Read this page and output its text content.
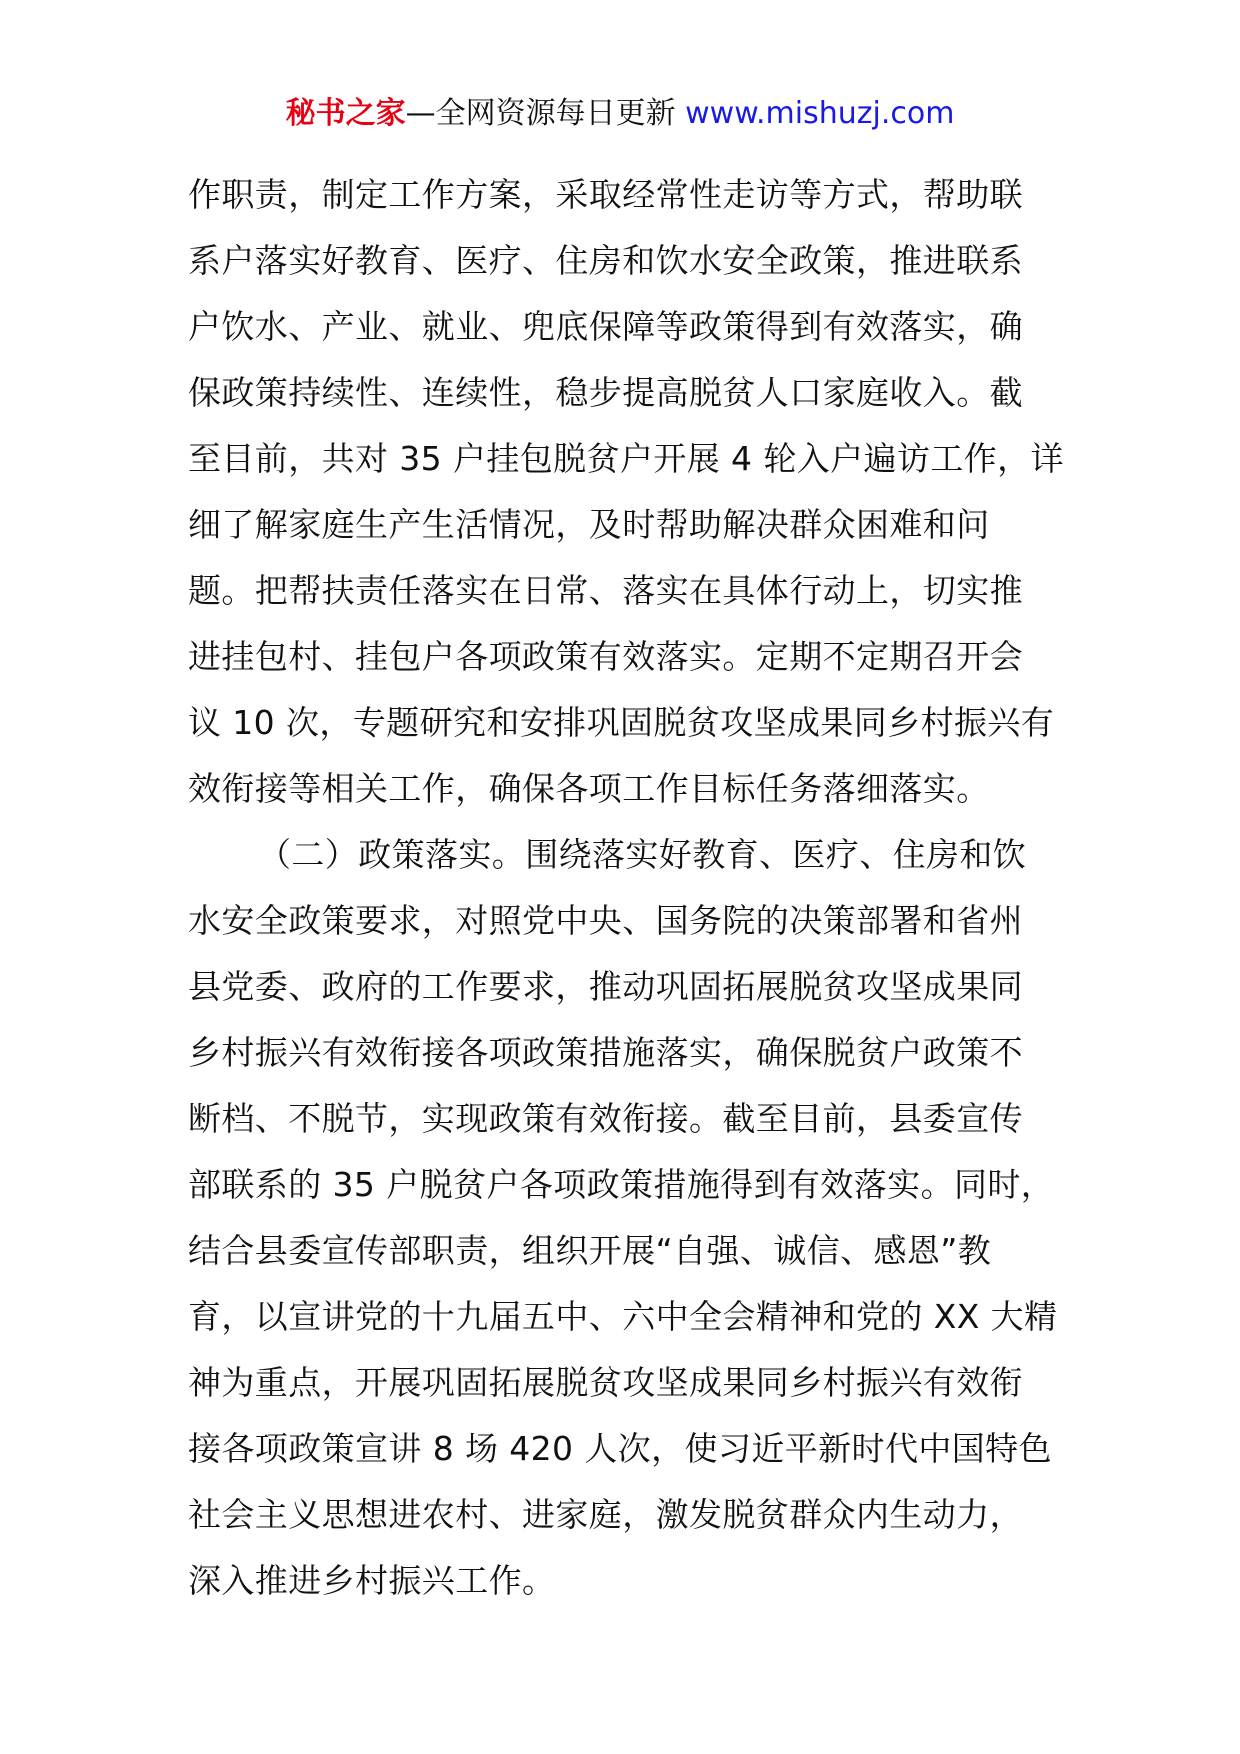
秘书之家—全网资源每日更新 www.mishuzj.com
作职责，制定工作方案，采取经常性走访等方式，帮助联
系户落实好教育、医疗、住房和饮水安全政策，推进联系
户饮水、产业、就业、兜底保障等政策得到有效落实，确
保政策持续性、连续性，稳步提高脱贫人口家庭收入。截
至目前，共对 35 户挂包脱贫户开展 4 轮入户遍访工作，详
细了解家庭生产生活情况，及时帮助解决群众困难和问
题。把帮扶责任落实在日常、落实在具体行动上，切实推
进挂包村、挂包户各项政策有效落实。定期不定期召开会
议 10 次，专题研究和安排巩固脱贫攻坚成果同乡村振兴有
效衔接等相关工作，确保各项工作目标任务落细落实。
（二）政策落实。围绕落实好教育、医疗、住房和饮
水安全政策要求，对照党中央、国务院的决策部署和省州
县党委、政府的工作要求，推动巩固拓展脱贫攻坚成果同
乡村振兴有效衔接各项政策措施落实，确保脱贫户政策不
断档、不脱节，实现政策有效衔接。截至目前，县委宣传
部联系的 35 户脱贫户各项政策措施得到有效落实。同时，
结合县委宣传部职责，组织开展“自强、诚信、感恩”教
育，以宣讲党的十九届五中、六中全会精神和党的 XX 大精
神为重点，开展巩固拓展脱贫攻坚成果同乡村振兴有效衔
接各项政策宣讲 8 场 420 人次，使习近平新时代中国特色
社会主义思想进农村、进家庭，激发脱贫群众内生动力，
深入推进乡村振兴工作。
